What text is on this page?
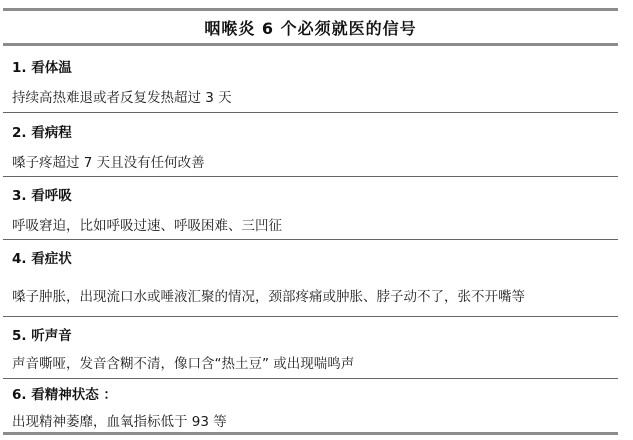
咽喉炎 6 个必须就医的信号
1. 看体温
持续高热难退或者反复发热超过 3 天
2. 看病程
嗓子疼超过 7 天且没有任何改善
3. 看呼吸
呼吸窘迫，比如呼吸过速、呼吸困难、三凹征
4. 看症状
嗓子肿胀，出现流口水或唾液汇聚的情况，颈部疼痛或肿胀、脖子动不了，张不开嘴等
5. 听声音
声音嘶哑，发音含糊不清，像口含“热土豆” 或出现喘鸣声
6. 看精神状态 ：
出现精神萎靡，血氧指标低于 93 等
